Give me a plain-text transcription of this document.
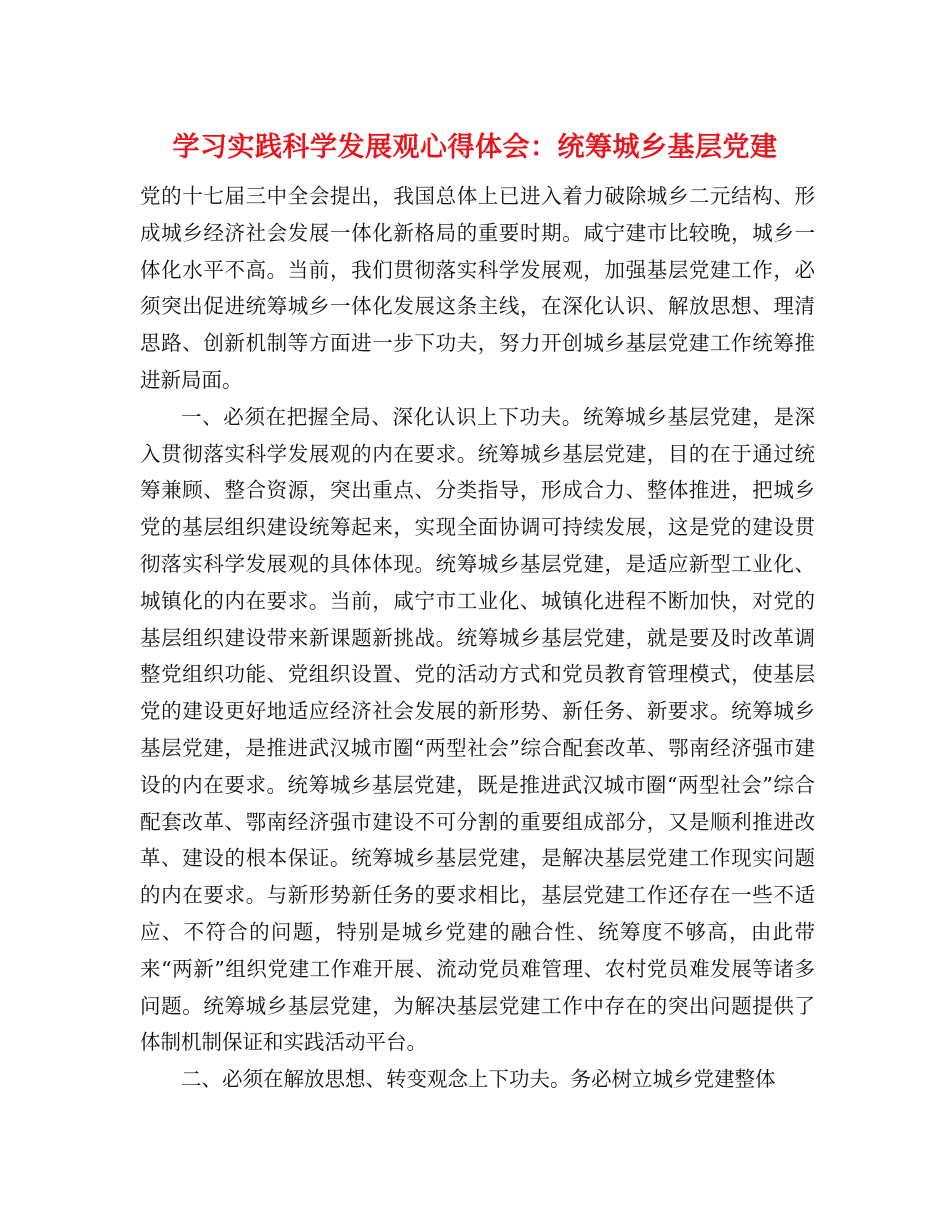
学习实践科学发展观心得体会：统筹城乡基层党建

党的十七届三中全会提出，我国总体上已进入着力破除城乡二元结构、形成城乡经济社会发展一体化新格局的重要时期。咸宁建市比较晚，城乡一体化水平不高。当前，我们贯彻落实科学发展观，加强基层党建工作，必须突出促进统筹城乡一体化发展这条主线，在深化认识、解放思想、理清思路、创新机制等方面进一步下功夫，努力开创城乡基层党建工作统筹推进新局面。

一、必须在把握全局、深化认识上下功夫。统筹城乡基层党建，是深入贯彻落实科学发展观的内在要求。统筹城乡基层党建，目的在于通过统筹兼顾、整合资源，突出重点、分类指导，形成合力、整体推进，把城乡党的基层组织建设统筹起来，实现全面协调可持续发展，这是党的建设贯彻落实科学发展观的具体体现。统筹城乡基层党建，是适应新型工业化、城镇化的内在要求。当前，咸宁市工业化、城镇化进程不断加快，对党的基层组织建设带来新课题新挑战。统筹城乡基层党建，就是要及时改革调整党组织功能、党组织设置、党的活动方式和党员教育管理模式，使基层党的建设更好地适应经济社会发展的新形势、新任务、新要求。统筹城乡基层党建，是推进武汉城市圈“两型社会”综合配套改革、鄂南经济强市建设的内在要求。统筹城乡基层党建，既是推进武汉城市圈“两型社会”综合配套改革、鄂南经济强市建设不可分割的重要组成部分，又是顺利推进改革、建设的根本保证。统筹城乡基层党建，是解决基层党建工作现实问题的内在要求。与新形势新任务的要求相比，基层党建工作还存在一些不适应、不符合的问题，特别是城乡党建的融合性、统筹度不够高，由此带来“两新”组织党建工作难开展、流动党员难管理、农村党员难发展等诸多问题。统筹城乡基层党建，为解决基层党建工作中存在的突出问题提供了体制机制保证和实践活动平台。

二、必须在解放思想、转变观念上下功夫。务必树立城乡党建整体
